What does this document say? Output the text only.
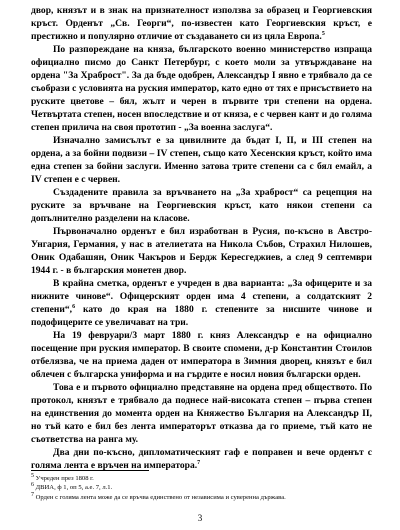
двор, князът и в знак на признателност използва за образец и Георгиевския кръст. Орденът „Св. Георги“, по-известен като Георгиевския кръст, е престижно и популярно отличие от създаването си из цяла Европа.$^5$

По разпореждане на княза, българското военно министерство изпраща официално писмо до Санкт Петербург, с което моли за утвърждаване на ордена "За Храброст". За да бъде одобрен, Александър I явно е трябвало да се съобрази с условията на руския император, като едно от тях е присъствието на руските цветове – бял, жълт и черен в първите три степени на ордена. Четвъртата степен, носен впоследствие и от княза, е с червен кант и до голяма степен прилича на своя прототип - „За военна заслуга“.

Изначално замисълът е за цивилните да бъдат I, II, и III степен на ордена, а за бойни подвизи – IV степен, също като Хесенския кръст, който има една степен за бойни заслуги. Именно затова трите степени са с бял емайл, а IV степен е с червен.

Създадените правила за връчването на „За храброст“ са рецепция на руските за връчване на Георгиевския кръст, като някои степени са допълнително разделени на класове.

Първоначално орденът е бил изработван в Русия, по-късно в Австро-Унгария, Германия, у нас в ателиетата на Никола Събов, Страхил Нилошев, Оник Одабашян, Оник Чакъров и Бердж Кересгеджиев, а след 9 септември 1944 г. - в българския монетен двор.

В крайна сметка, орденът е учреден в два варианта: „За офицерите и за нижните чинове“. Офицерският орден има 4 степени, а солдатският 2 степени“,$^6$ като до края на 1880 г. степените за нисшите чинове и подофицерите се увеличават на три.

На 19 февруари/3 март 1880 г. княз Александър е на официално посещение при руския император. В своите спомени, д-р Константин Стоилов отбелязва, че на приема даден от императора в Зимния дворец, князът е бил облечен с българска униформа и на гърдите е носил новия български орден.

Това е и първото официално представяне на ордена пред обществото. По протокол, князът е трябвало да поднесе най-високата степен – първа степен на единствения до момента орден на Княжество България на Александър II, но тъй като е бил без лента императорът отказва да го приеме, тъй като не съответства на ранга му.

Два дни по-късно, дипломатическият гаф е поправен и вече орденът с голяма лента е връчен на императора.$^7$

$^5$ Учреден през 1808 г.
$^6$ ДВИА, ф 1, оп 5, а.е. 7, л.1.
$^7$ Орден с голяма лента може да се връчва единствено от независима и суверенна държава.
3
